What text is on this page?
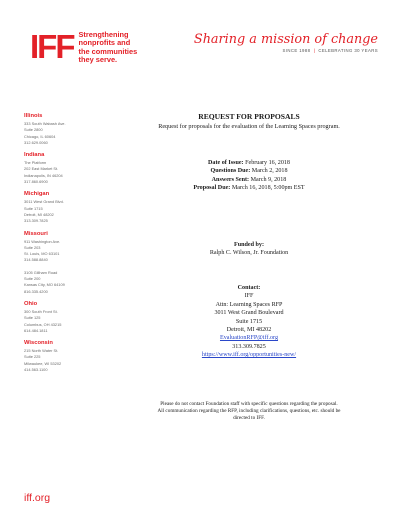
IFF Strengthening
nonprofits and
the communities
they serve.
Sharing a mission of change
SINCE 1988  |  CELEBRATING 30 YEARS
Illinois
333 South Wabash Ave.
Suite 2800
Chicago, IL 60604
312.629.0060
Indiana
The Platform
202 East Market St.
Indianapolis, IN 46204
317.860.6900
Michigan
3011 West Grand Blvd.
Suite 1715
Detroit, MI 48202
313.309.7825
Missouri
911 Washington Ave.
Suite 203
St. Louis, MO 63101
314.588.8840
3105 Gillham Road
Suite 200
Kansas City, MO 64109
816.335.4200
Ohio
300 South Front St.
Suite 125
Columbus, OH 43215
614.484.1811
Wisconsin
215 North Water St.
Suite 225
Milwaukee, WI 53202
414.563.1100
iff.org
REQUEST FOR PROPOSALS
Request for proposals for the evaluation of the Learning Spaces program.
Date of Issue: February 16, 2018
Questions Due: March 2, 2018
Answers Sent: March 9, 2018
Proposal Due: March 16, 2018, 5:00pm EST
Funded by:
Ralph C. Wilson, Jr. Foundation
Contact:
IFF
Attn: Learning Spaces RFP
3011 West Grand Boulevard
Suite 1715
Detroit, MI 48202
EvaluationRFP@iff.org
313.309.7825
https://www.iff.org/opportunities-new/
Please do not contact Foundation staff with specific questions regarding the proposal.
All communication regarding the RFP, including clarifications, questions, etc. should be
directed to IFF.
